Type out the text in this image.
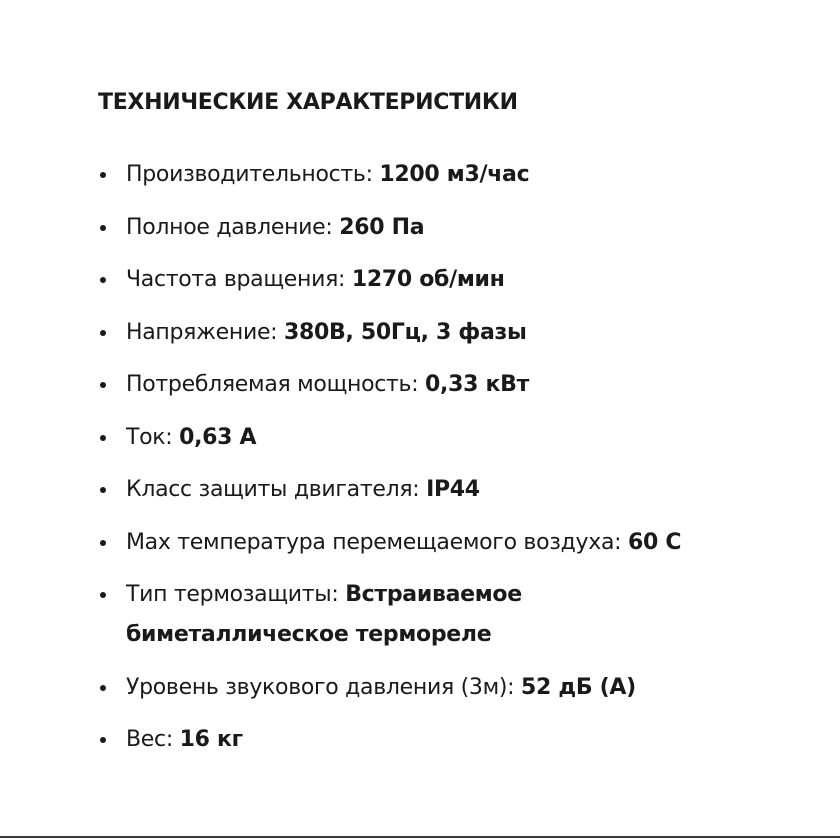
ТЕХНИЧЕСКИЕ ХАРАКТЕРИСТИКИ
Производительность: 1200 м3/час
Полное давление: 260 Па
Частота вращения: 1270 об/мин
Напряжение: 380В, 50Гц, 3 фазы
Потребляемая мощность: 0,33 кВт
Ток: 0,63 А
Класс защиты двигателя: IP44
Max температура перемещаемого воздуха: 60 С
Тип термозащиты: Встраиваемое биметаллическое термореле
Уровень звукового давления (3м): 52 дБ (А)
Вес: 16 кг
